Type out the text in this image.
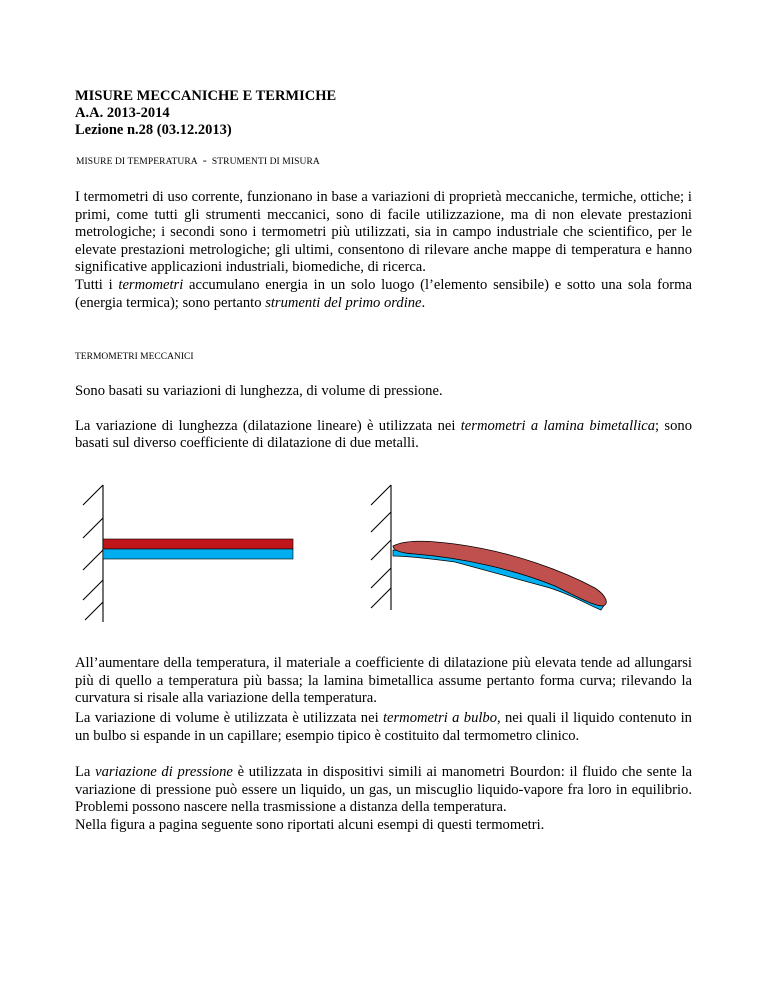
MISURE MECCANICHE E TERMICHE

A.A. 2013-2014

Lezione n.28 (03.12.2013)

MISURE DI TEMPERATURA - STRUMENTI DI MISURA

I termometri di uso corrente, funzionano in base a variazioni di proprietà meccaniche, termiche, ottiche; i primi, come tutti gli strumenti meccanici, sono di facile utilizzazione, ma di non elevate prestazioni metrologiche; i secondi sono i termometri più utilizzati, sia in campo industriale che scientifico, per le elevate prestazioni metrologiche; gli ultimi, consentono di rilevare anche mappe di temperatura e hanno significative applicazioni industriali, biomediche, di ricerca.

Tutti i termometri accumulano energia in un solo luogo (l’elemento sensibile) e sotto una sola forma (energia termica); sono pertanto strumenti del primo ordine.

TERMOMETRI MECCANICI

Sono basati su variazioni di lunghezza, di volume di pressione.

La variazione di lunghezza (dilatazione lineare) è utilizzata nei termometri a lamina bimetallica; sono basati sul diverso coefficiente di dilatazione di due metalli.

All’aumentare della temperatura, il materiale a coefficiente di dilatazione più elevata tende ad allungarsi più di quello a temperatura più bassa; la lamina bimetallica assume pertanto forma curva; rilevando la curvatura si risale alla variazione della temperatura.

La variazione di volume è utilizzata è utilizzata nei termometri a bulbo, nei quali il liquido contenuto in un bulbo si espande in un capillare; esempio tipico è costituito dal termometro clinico.

La variazione di pressione è utilizzata in dispositivi simili ai manometri Bourdon: il fluido che sente la variazione di pressione può essere un liquido, un gas, un miscuglio liquido-vapore fra loro in equilibrio. Problemi possono nascere nella trasmissione a distanza della temperatura.
Nella figura a pagina seguente sono riportati alcuni esempi di questi termometri.
